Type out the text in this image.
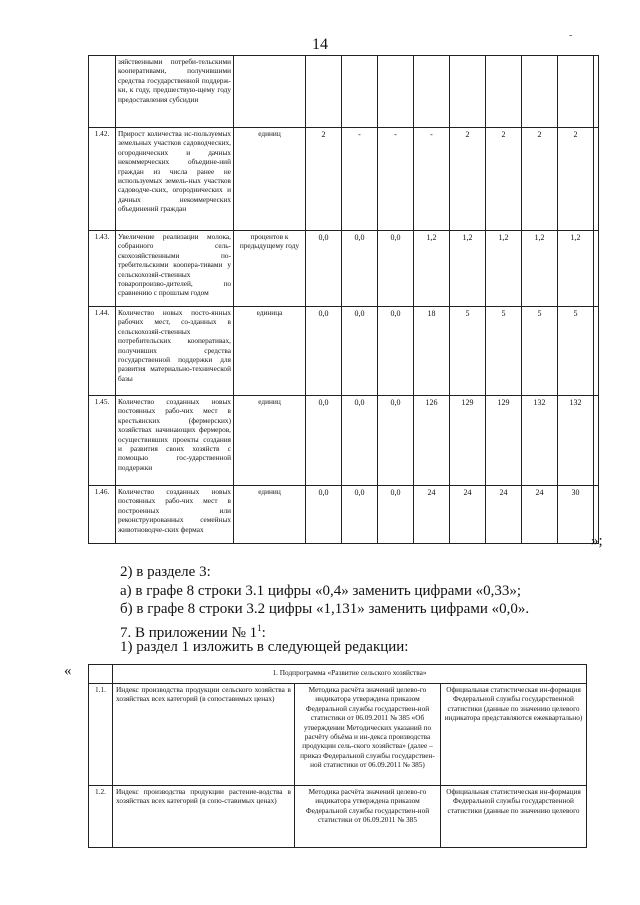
14
-
	зяйственными потреби-тельскими кооперативами, получившими средства государственной поддерж-ки, к году, предшествую-щему году предоставления субсидии										
1.42.	Прирост количества ис-пользуемых земельных участков садоводческих, огороднических и дачных некоммерческих объедине-ний граждан из числа ранее не используемых земель-ных участков садоводче-ских, огороднических и дачных некоммерческих объединений граждан	единиц	2	-	-	-	2	2	2	2	
1.43.	Увеличение реализации молока, собранного сель-скохозяйственными по-требительскими коопера-тивами у сельскохозяй-ственных товаропроизво-дителей, по сравнению с прошлым годом	процентов к предыдущему году	0,0	0,0	0,0	1,2	1,2	1,2	1,2	1,2	
1.44.	Количество новых посто-янных рабочих мест, со-зданных в сельскохозяй-ственных потребительских кооперативах, получивших средства государственной поддержки для развития материально-технической базы	единица	0,0	0,0	0,0	18	5	5	5	5	
1.45.	Количество созданных новых постоянных рабо-чих мест в крестьянских (фермерских) хозяйствах начинающих фермеров, осуществивших проекты создания и развития своих хозяйств с помощью гос-ударственной поддержки	единиц	0,0	0,0	0,0	126	129	129	132	132	
1.46.	Количество созданных новых постоянных рабо-чих мест в построенных или реконструированных семейных животноводче-ских фермах	единиц	0,0	0,0	0,0	24	24	24	24	30	
»;
2) в разделе 3:
а) в графе 8 строки 3.1 цифры «0,4» заменить цифрами «0,33»;
б) в графе 8 строки 3.2 цифры «1,131» заменить цифрами «0,0».
7. В приложении № $1^1$:
1) раздел 1 изложить в следующей редакции:
«
		1. Подпрограмма «Развитие сельского хозяйства»		
1.1.	Индекс производства продукции сельского хозяйства в хозяйствах всех категорий (в сопоставимых ценах)	Методика расчёта значений целево-го индикатора утверждена приказом Федеральной службы государствен-ной статистики от 06.09.2011 № 385 «Об утверждении Методических указаний по расчёту объёма и ин-декса производства продукции сель-ского хозяйства» (далее – приказ Федеральной службы государствен-ной статистики от 06.09.2011 № 385)	Официальная статистическая ин-формация Федеральной службы государственной статистики (данные по значению целевого индикатора представляются ежеквартально)
1.2.	Индекс производства продукции растение-водства в хозяйствах всех категорий (в сопо-ставимых ценах)	Методика расчёта значений целево-го индикатора утверждена приказом Федеральной службы государствен-ной статистики от 06.09.2011 № 385	Официальная статистическая ин-формация Федеральной службы государственной статистики (данные по значению целевого
